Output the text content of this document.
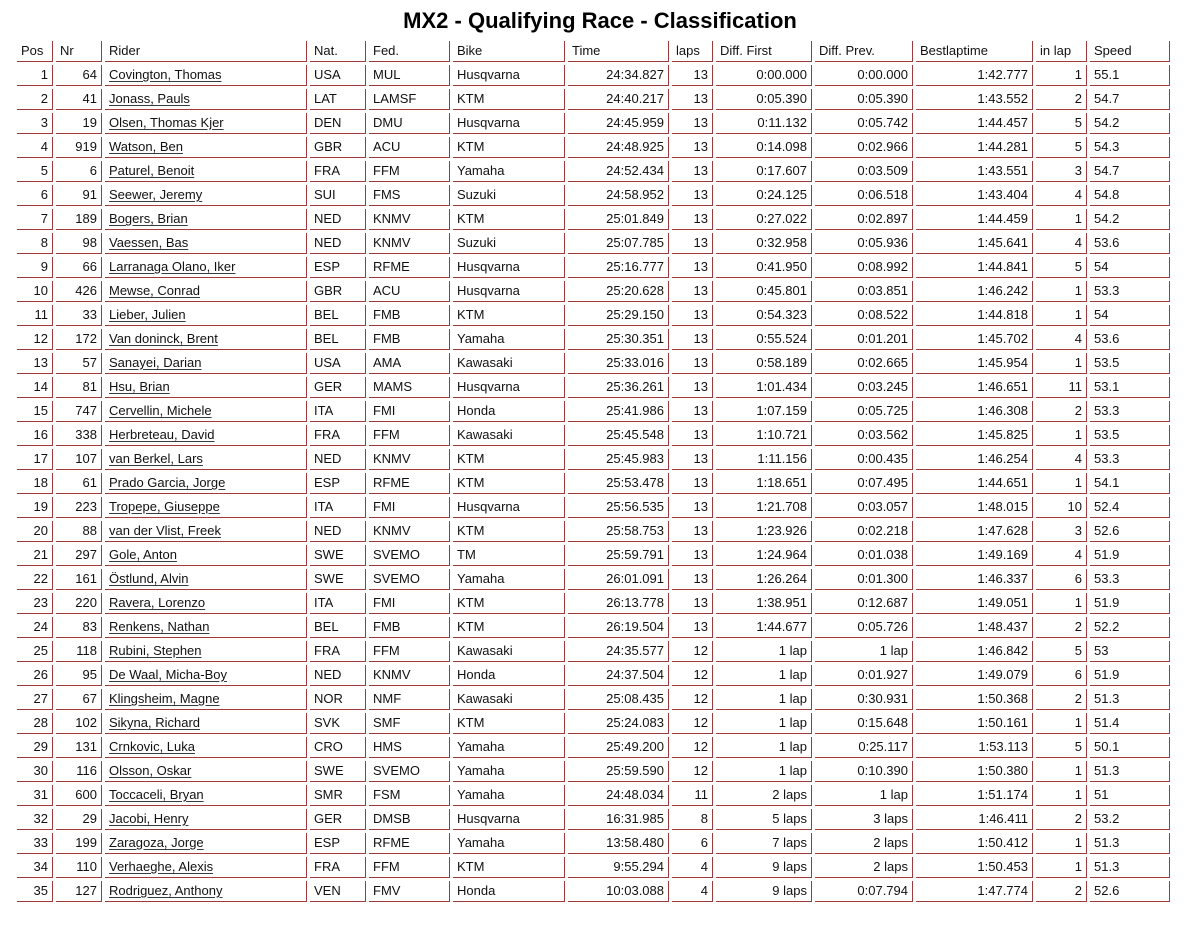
MX2 - Qualifying Race - Classification
Pos	Nr	Rider	Nat.	Fed.	Bike	Time	laps	Diff. First	Diff. Prev.	Bestlaptime	in lap	Speed
1	64	Covington, Thomas	USA	MUL	Husqvarna	24:34.827	13	0:00.000	0:00.000	1:42.777	1	55.1
2	41	Jonass, Pauls	LAT	LAMSF	KTM	24:40.217	13	0:05.390	0:05.390	1:43.552	2	54.7
3	19	Olsen, Thomas Kjer	DEN	DMU	Husqvarna	24:45.959	13	0:11.132	0:05.742	1:44.457	5	54.2
4	919	Watson, Ben	GBR	ACU	KTM	24:48.925	13	0:14.098	0:02.966	1:44.281	5	54.3
5	6	Paturel, Benoit	FRA	FFM	Yamaha	24:52.434	13	0:17.607	0:03.509	1:43.551	3	54.7
6	91	Seewer, Jeremy	SUI	FMS	Suzuki	24:58.952	13	0:24.125	0:06.518	1:43.404	4	54.8
7	189	Bogers, Brian	NED	KNMV	KTM	25:01.849	13	0:27.022	0:02.897	1:44.459	1	54.2
8	98	Vaessen, Bas	NED	KNMV	Suzuki	25:07.785	13	0:32.958	0:05.936	1:45.641	4	53.6
9	66	Larranaga Olano, Iker	ESP	RFME	Husqvarna	25:16.777	13	0:41.950	0:08.992	1:44.841	5	54
10	426	Mewse, Conrad	GBR	ACU	Husqvarna	25:20.628	13	0:45.801	0:03.851	1:46.242	1	53.3
11	33	Lieber, Julien	BEL	FMB	KTM	25:29.150	13	0:54.323	0:08.522	1:44.818	1	54
12	172	Van doninck, Brent	BEL	FMB	Yamaha	25:30.351	13	0:55.524	0:01.201	1:45.702	4	53.6
13	57	Sanayei, Darian	USA	AMA	Kawasaki	25:33.016	13	0:58.189	0:02.665	1:45.954	1	53.5
14	81	Hsu, Brian	GER	MAMS	Husqvarna	25:36.261	13	1:01.434	0:03.245	1:46.651	11	53.1
15	747	Cervellin, Michele	ITA	FMI	Honda	25:41.986	13	1:07.159	0:05.725	1:46.308	2	53.3
16	338	Herbreteau, David	FRA	FFM	Kawasaki	25:45.548	13	1:10.721	0:03.562	1:45.825	1	53.5
17	107	van Berkel, Lars	NED	KNMV	KTM	25:45.983	13	1:11.156	0:00.435	1:46.254	4	53.3
18	61	Prado Garcia, Jorge	ESP	RFME	KTM	25:53.478	13	1:18.651	0:07.495	1:44.651	1	54.1
19	223	Tropepe, Giuseppe	ITA	FMI	Husqvarna	25:56.535	13	1:21.708	0:03.057	1:48.015	10	52.4
20	88	van der Vlist, Freek	NED	KNMV	KTM	25:58.753	13	1:23.926	0:02.218	1:47.628	3	52.6
21	297	Gole, Anton	SWE	SVEMO	TM	25:59.791	13	1:24.964	0:01.038	1:49.169	4	51.9
22	161	Östlund, Alvin	SWE	SVEMO	Yamaha	26:01.091	13	1:26.264	0:01.300	1:46.337	6	53.3
23	220	Ravera, Lorenzo	ITA	FMI	KTM	26:13.778	13	1:38.951	0:12.687	1:49.051	1	51.9
24	83	Renkens, Nathan	BEL	FMB	KTM	26:19.504	13	1:44.677	0:05.726	1:48.437	2	52.2
25	118	Rubini, Stephen	FRA	FFM	Kawasaki	24:35.577	12	1 lap	1 lap	1:46.842	5	53
26	95	De Waal, Micha-Boy	NED	KNMV	Honda	24:37.504	12	1 lap	0:01.927	1:49.079	6	51.9
27	67	Klingsheim, Magne	NOR	NMF	Kawasaki	25:08.435	12	1 lap	0:30.931	1:50.368	2	51.3
28	102	Sikyna, Richard	SVK	SMF	KTM	25:24.083	12	1 lap	0:15.648	1:50.161	1	51.4
29	131	Crnkovic, Luka	CRO	HMS	Yamaha	25:49.200	12	1 lap	0:25.117	1:53.113	5	50.1
30	116	Olsson, Oskar	SWE	SVEMO	Yamaha	25:59.590	12	1 lap	0:10.390	1:50.380	1	51.3
31	600	Toccaceli, Bryan	SMR	FSM	Yamaha	24:48.034	11	2 laps	1 lap	1:51.174	1	51
32	29	Jacobi, Henry	GER	DMSB	Husqvarna	16:31.985	8	5 laps	3 laps	1:46.411	2	53.2
33	199	Zaragoza, Jorge	ESP	RFME	Yamaha	13:58.480	6	7 laps	2 laps	1:50.412	1	51.3
34	110	Verhaeghe, Alexis	FRA	FFM	KTM	9:55.294	4	9 laps	2 laps	1:50.453	1	51.3
35	127	Rodriguez, Anthony	VEN	FMV	Honda	10:03.088	4	9 laps	0:07.794	1:47.774	2	52.6
